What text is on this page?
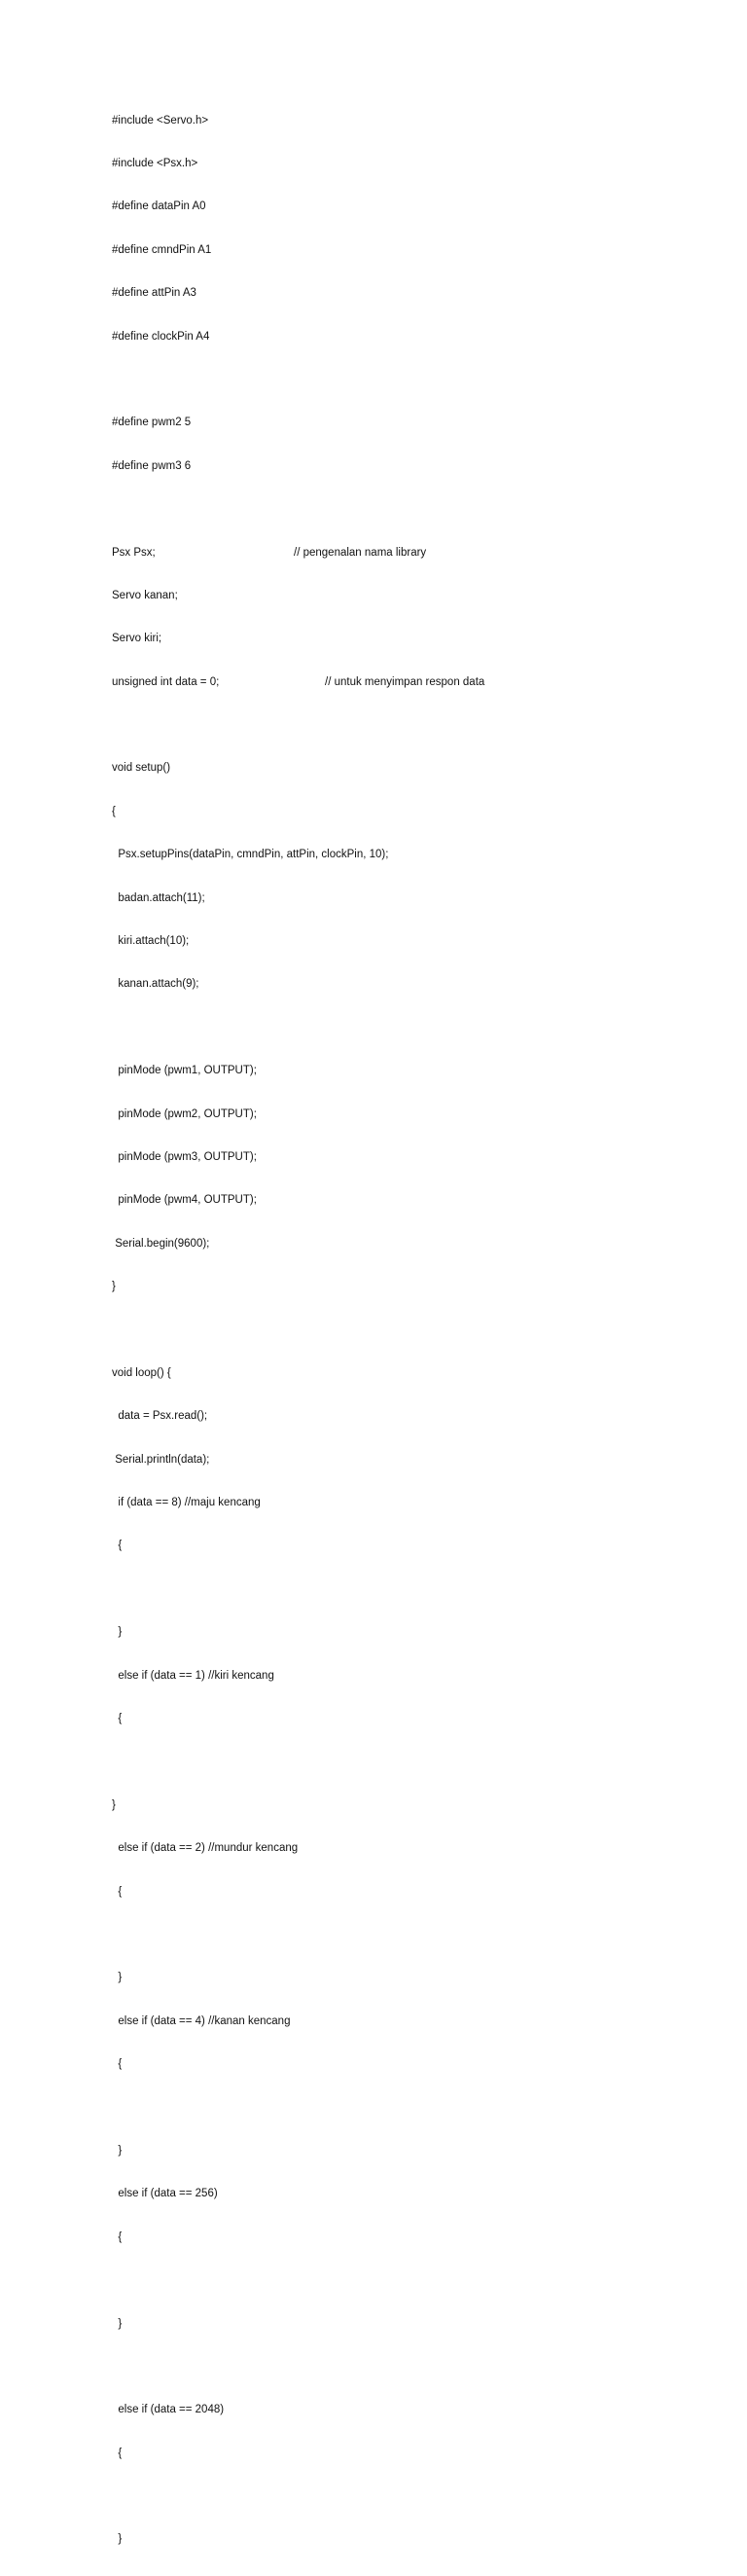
#include <Servo.h>

#include <Psx.h>

#define dataPin A0

#define cmndPin A1

#define attPin A3

#define clockPin A4

#define pwm2 5

#define pwm3 6

Psx Psx;	// pengenalan nama library

Servo kanan;

Servo kiri;

unsigned int data = 0;	// untuk menyimpan respon data

void setup()

{

Psx.setupPins(dataPin, cmndPin, attPin, clockPin, 10);

badan.attach(11);

kiri.attach(10);

kanan.attach(9);

pinMode (pwm1, OUTPUT);

pinMode (pwm2, OUTPUT);

pinMode (pwm3, OUTPUT);

pinMode (pwm4, OUTPUT);

Serial.begin(9600);

}

void loop() {

data = Psx.read();

Serial.println(data);

if (data == 8) //maju kencang

{

}

else if (data == 1) //kiri kencang

{

}

else if (data == 2) //mundur kencang

{

}

else if (data == 4) //kanan kencang

{

}

else if (data == 256)

{

}

else if (data == 2048)

{

}
